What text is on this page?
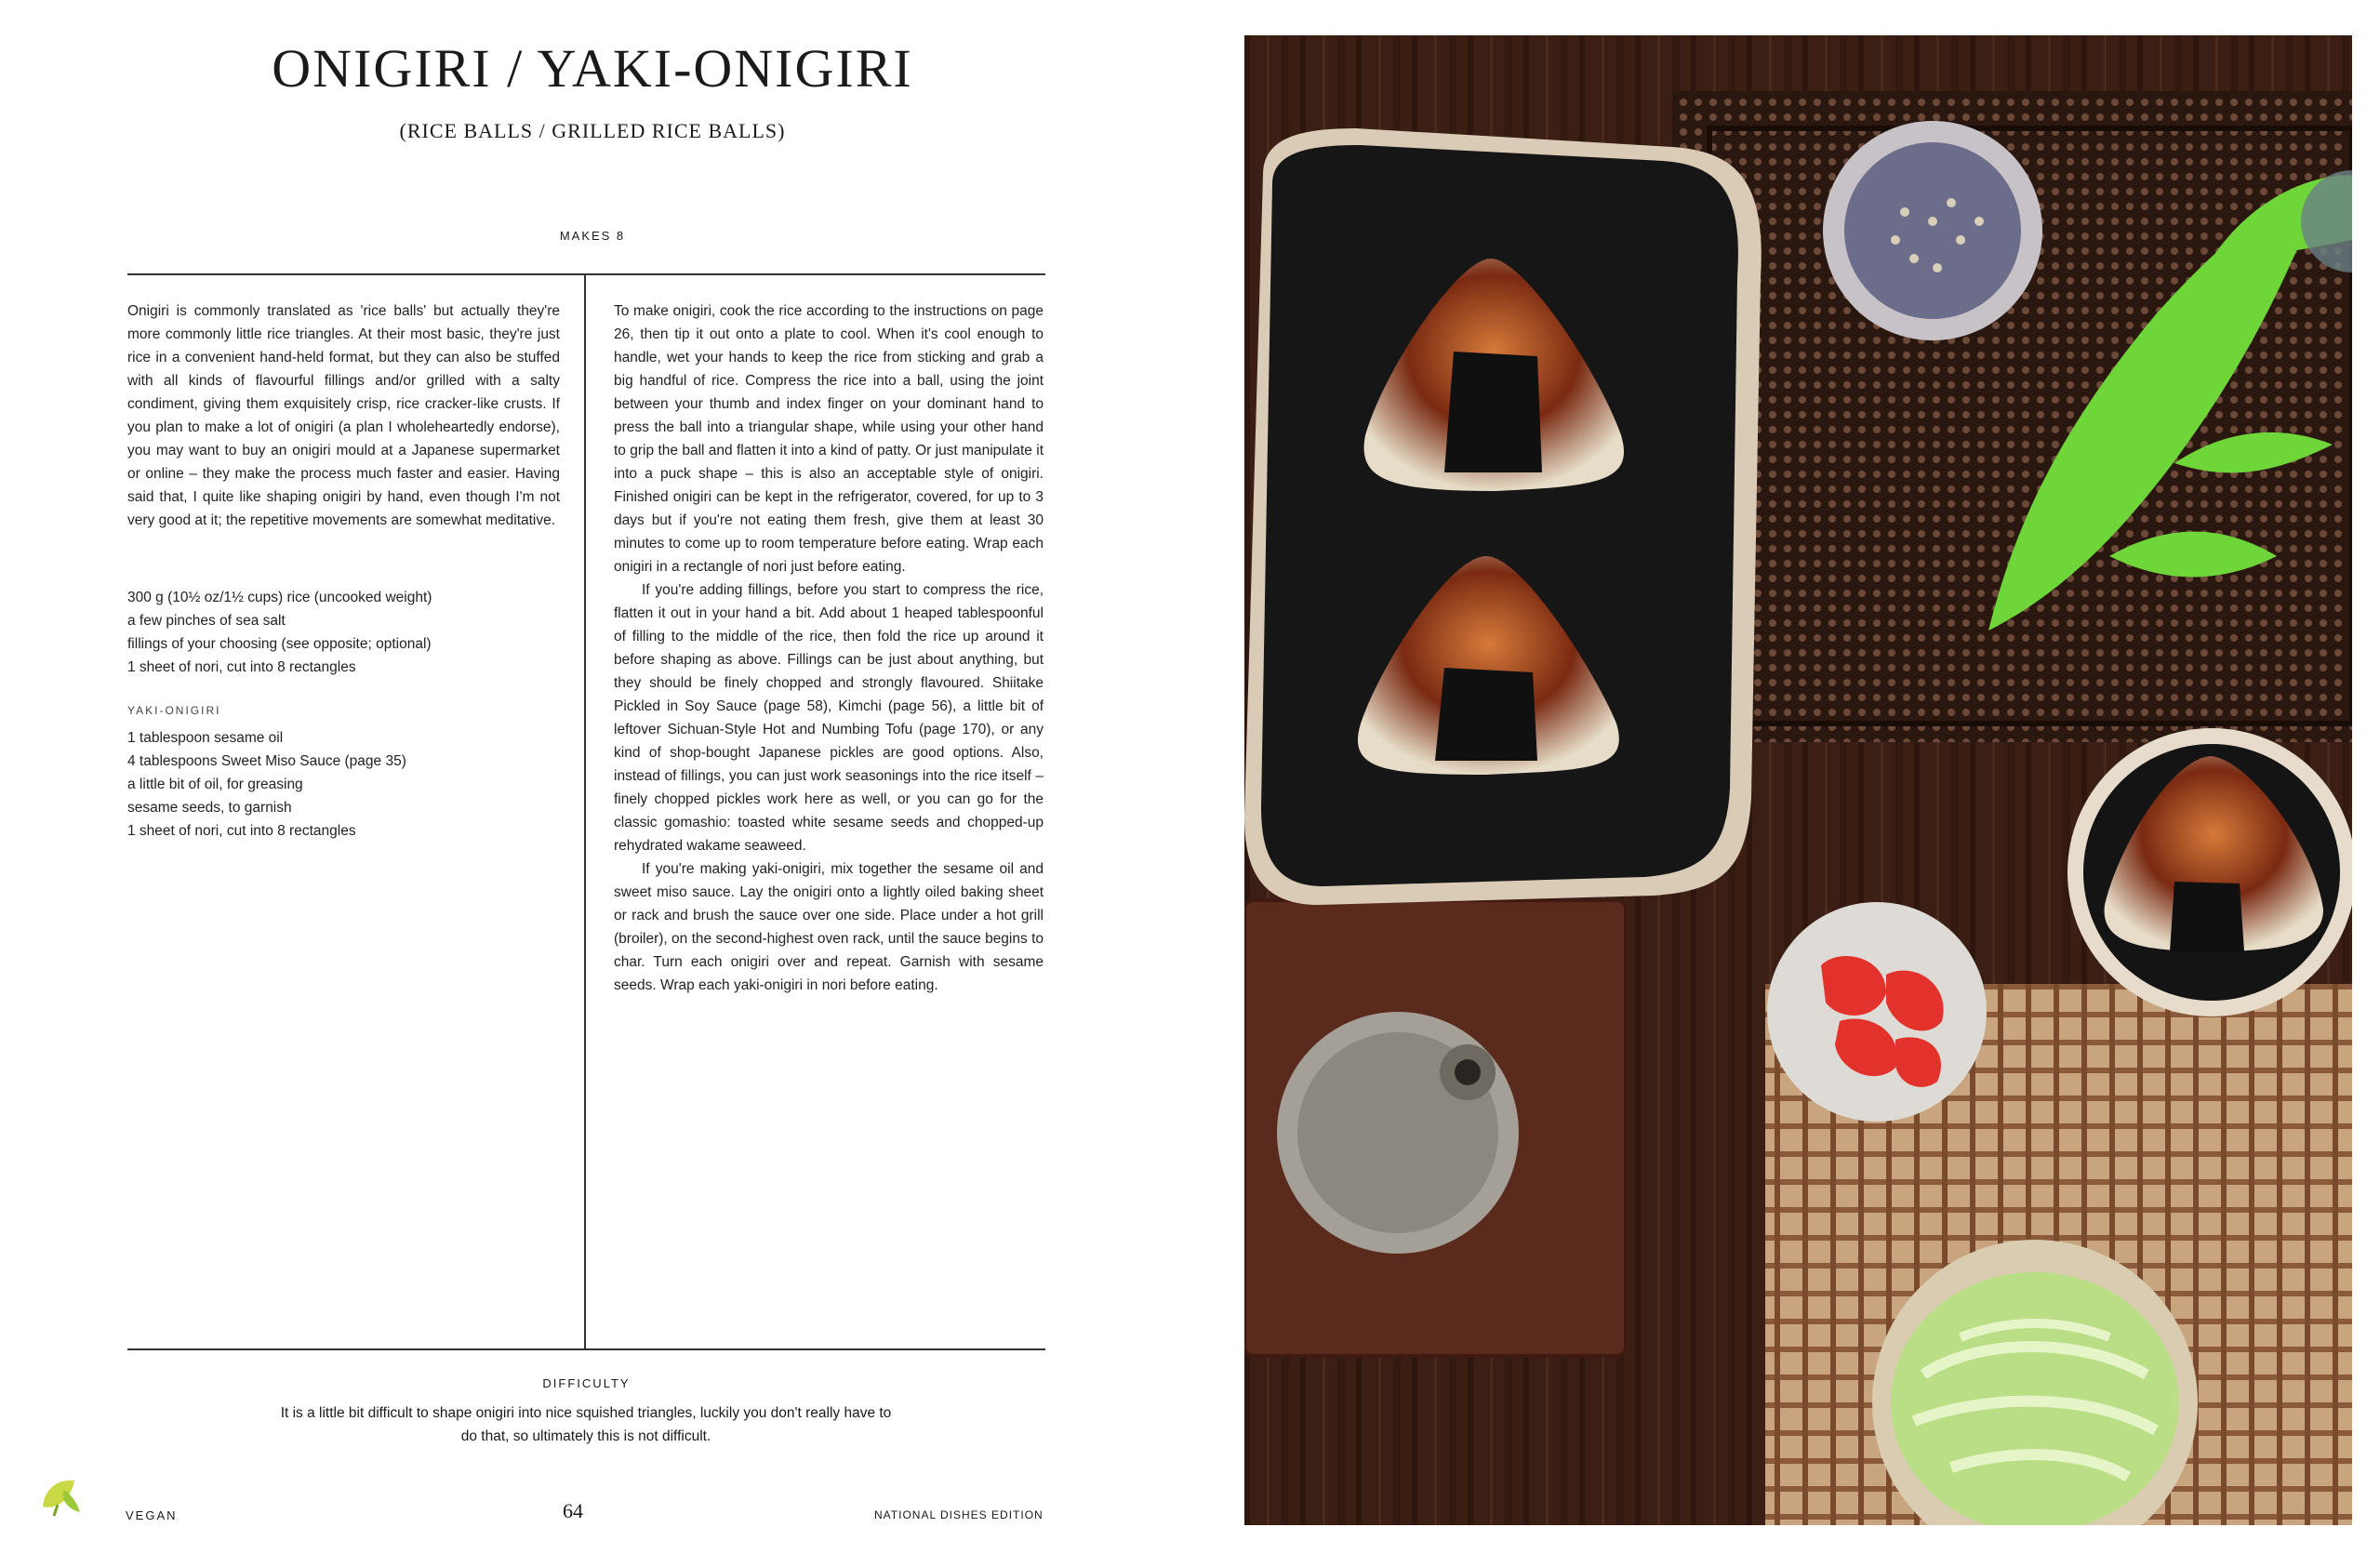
ONIGIRI / YAKI-ONIGIRI
(RICE BALLS / GRILLED RICE BALLS)
MAKES 8

Onigiri is commonly translated as 'rice balls' but actually they're more commonly little rice triangles. At their most basic, they're just rice in a convenient hand-held format, but they can also be stuffed with all kinds of flavourful fillings and/or grilled with a salty condiment, giving them exquisitely crisp, rice cracker-like crusts. If you plan to make a lot of onigiri (a plan I wholeheartedly endorse), you may want to buy an onigiri mould at a Japanese supermarket or online – they make the process much faster and easier. Having said that, I quite like shaping onigiri by hand, even though I'm not very good at it; the repetitive movements are somewhat meditative.

300 g (10½ oz/1½ cups) rice (uncooked weight)
a few pinches of sea salt
fillings of your choosing (see opposite; optional)
1 sheet of nori, cut into 8 rectangles
YAKI-ONIGIRI
1 tablespoon sesame oil
4 tablespoons Sweet Miso Sauce (page 35)
a little bit of oil, for greasing
sesame seeds, to garnish
1 sheet of nori, cut into 8 rectangles

To make onigiri, cook the rice according to the instructions on page 26, then tip it out onto a plate to cool. When it's cool enough to handle, wet your hands to keep the rice from sticking and grab a big handful of rice. Compress the rice into a ball, using the joint between your thumb and index finger on your dominant hand to press the ball into a triangular shape, while using your other hand to grip the ball and flatten it into a kind of patty. Or just manipulate it into a puck shape – this is also an acceptable style of onigiri. Finished onigiri can be kept in the refrigerator, covered, for up to 3 days but if you're not eating them fresh, give them at least 30 minutes to come up to room temperature before eating. Wrap each onigiri in a rectangle of nori just before eating.

If you're adding fillings, before you start to compress the rice, flatten it out in your hand a bit. Add about 1 heaped tablespoonful of filling to the middle of the rice, then fold the rice up around it before shaping as above. Fillings can be just about anything, but they should be finely chopped and strongly flavoured. Shiitake Pickled in Soy Sauce (page 58), Kimchi (page 56), a little bit of leftover Sichuan-Style Hot and Numbing Tofu (page 170), or any kind of shop-bought Japanese pickles are good options. Also, instead of fillings, you can just work seasonings into the rice itself – finely chopped pickles work here as well, or you can go for the classic gomashio: toasted white sesame seeds and chopped-up rehydrated wakame seaweed.

If you're making yaki-onigiri, mix together the sesame oil and sweet miso sauce. Lay the onigiri onto a lightly oiled baking sheet or rack and brush the sauce over one side. Place under a hot grill (broiler), on the second-highest oven rack, until the sauce begins to char. Turn each onigiri over and repeat. Garnish with sesame seeds. Wrap each yaki-onigiri in nori before eating.

DIFFICULTY
It is a little bit difficult to shape onigiri into nice squished triangles, luckily you don't really have to do that, so ultimately this is not difficult.
VEGAN	64	NATIONAL DISHES EDITION
